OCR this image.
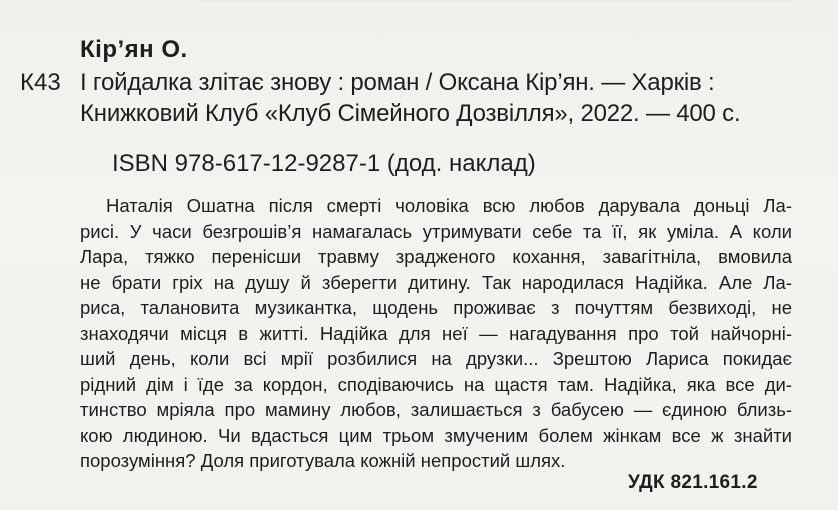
Кір’ян О.
К43 І гойдалка злітає знову : роман / Оксана Кір’ян. — Харків :
Книжковий Клуб «Клуб Сімейного Дозвілля», 2022. — 400 с.
ISBN 978-617-12-9287-1 (дод. наклад)
Наталія Ошатна після смерті чоловіка всю любов дарувала доньці Ла-
рисі. У часи безгрошів’я намагалась утримувати себе та її, як уміла. А коли
Лара, тяжко перенісши травму зрадженого кохання, завагітніла, вмовила
не брати гріх на душу й зберегти дитину. Так народилася Надійка. Але Ла-
риса, талановита музикантка, щодень проживає з почуттям безвиході, не
знаходячи місця в житті. Надійка для неї — нагадування про той найчорні-
ший день, коли всі мрії розбилися на друзки... Зрештою Лариса покидає
рідний дім і їде за кордон, сподіваючись на щастя там. Надійка, яка все ди-
тинство мріяла про мамину любов, залишається з бабусею — єдиною близь-
кою людиною. Чи вдасться цим трьом змученим болем жінкам все ж знайти
порозуміння? Доля приготувала кожній непростий шлях.
УДК 821.161.2
